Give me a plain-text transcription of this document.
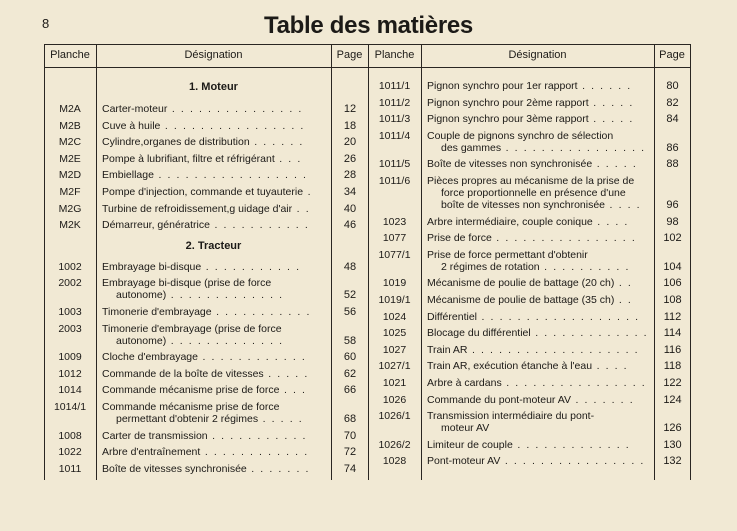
8	Table des matières
Planche	Désignation	Page	Planche	Désignation	Page
1. Moteur
M2A	Carter-moteur . . . . . . . . . . . . . . .	12
M2B	Cuve à huile . . . . . . . . . . . . . . . .	18
M2C	Cylindre,organes de distribution . . . . . .	20
M2E	Pompe à lubrifiant, filtre et réfrigérant . . .	26
M2D	Embiellage . . . . . . . . . . . . . . . . .	28
M2F	Pompe d'injection, commande et tuyauterie .	34
M2G	Turbine de refroidissement,g uidage d'air . .	40
M2K	Démarreur, génératrice . . . . . . . . . . .	46
2. Tracteur
1002	Embrayage bi-disque . . . . . . . . . . .	48
2002	Embrayage bi-disque (prise de force
autonome) . . . . . . . . . . . . .	52
1003	Timonerie d'embrayage . . . . . . . . . . .	56
2003	Timonerie d'embrayage (prise de force
autonome) . . . . . . . . . . . . .	58
1009	Cloche d'embrayage . . . . . . . . . . . .	60
1012	Commande de la boîte de vitesses . . . . .	62
1014	Commande mécanisme prise de force . . .	66
1014/1	Commande mécanisme prise de force
permettant d'obtenir 2 régimes . . . . .	68
1008	Carter de transmission . . . . . . . . . . .	70
1022	Arbre d'entraînement . . . . . . . . . . . .	72
1011	Boîte de vitesses synchronisée . . . . . . .	74
1011/1	Pignon synchro pour 1er rapport . . . . . .	80
1011/2	Pignon synchro pour 2ème rapport . . . . .	82
1011/3	Pignon synchro pour 3ème rapport . . . . .	84
1011/4	Couple de pignons synchro de sélection
des gammes . . . . . . . . . . . . . . . .	86
1011/5	Boîte de vitesses non synchronisée . . . . .	88
1011/6	Pièces propres au mécanisme de la prise de
force proportionnelle en présence d'une
boîte de vitesses non synchronisée . . . .	96
1023	Arbre intermédiaire, couple conique . . . .	98
1077	Prise de force . . . . . . . . . . . . . . . .	102
1077/1	Prise de force permettant d'obtenir
2 régimes de rotation . . . . . . . . . .	104
1019	Mécanisme de poulie de battage (20 ch) . .	106
1019/1	Mécanisme de poulie de battage (35 ch) . .	108
1024	Différentiel . . . . . . . . . . . . . . . . . .	112
1025	Blocage du différentiel . . . . . . . . . . . . .	114
1027	Train AR . . . . . . . . . . . . . . . . . . .	116
1027/1	Train AR, exécution étanche à l'eau . . . .	118
1021	Arbre à cardans . . . . . . . . . . . . . . . .	122
1026	Commande du pont-moteur AV . . . . . . .	124
1026/1	Transmission intermédiaire du pont-
moteur AV	126
1026/2	Limiteur de couple . . . . . . . . . . . . .	130
1028	Pont-moteur AV . . . . . . . . . . . . . . . .	132
